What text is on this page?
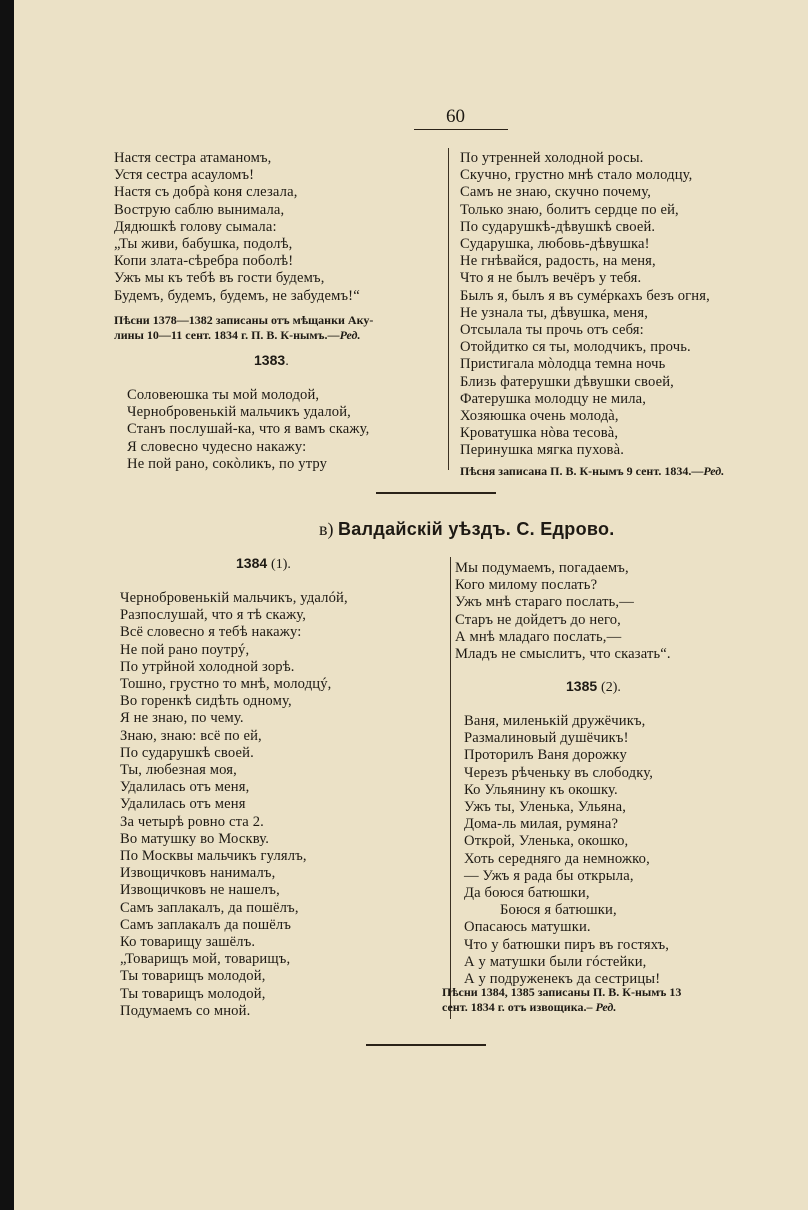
60
Настя сестра атаманомъ,
Устя сестра асауломъ!
Настя съ добрà коня слезала,
Вострую саблю вынимала,
Дядюшкѣ голову сымала:
„Ты живи, бабушка, подолѣ,
Копи злата-сѣребра поболѣ!
Ужъ мы къ тебѣ въ гости будемъ,
Будемъ, будемъ, будемъ, не забудемъ!“
Пѣсни 1378—1382 записаны отъ мѣщанки Аку-
лины 10—11 сент. 1834 г. П. В. К-нымъ.—Ред.
1383.
Соловеюшка ты мой молодой,
Чернобровенькій мальчикъ удалой,
Станъ послушай-ка, что я вамъ скажу,
Я словесно чудесно накажу:
Не пой рано, сокòликъ, по утру
По утренней холодной росы.
Скучно, грустно мнѣ стало молодцу,
Самъ не знаю, скучно почему,
Только знаю, болитъ сердце по ей,
По сударушкѣ-дѣвушкѣ своей.
Сударушка, любовь-дѣвушка!
Не гнѣвайся, радость, на меня,
Что я не былъ вечёръ у тебя.
Былъ я, былъ я въ сумéркахъ безъ огня,
Не узнала ты, дѣвушка, меня,
Отсылала ты прочь отъ себя:
Отойдитко ся ты, молодчикъ, прочь.
Пристигала мòлодца темна ночь
Близь фатерушки дѣвушки своей,
Фатерушка молодцу не мила,
Хозяюшка очень молодà,
Кроватушка нòва тесовà,
Перинушка мягка пуховà.
Пѣсня записана П. В. К-нымъ 9 сент. 1834.—Ред.
в) Валдайскій уѣздъ. С. Едрово.
1384 (1).
Чернобровенькій мальчикъ, удалóй,
Разпослушай, что я тѣ скажу,
Всё словесно я тебѣ накажу:
Не пой рано поутрý,
По утрйной холодной зорѣ.
Тошно, грустно то мнѣ, молодцý,
Во горенкѣ сидѣть одному,
Я не знаю, по чему.
Знаю, знаю: всё по ей,
По сударушкѣ своей.
Ты, любезная моя,
Удалилась отъ меня,
Удалилась отъ меня
За четырѣ ровно ста 2.
Во матушку во Москву.
По Москвы мальчикъ гулялъ,
Извощичковъ нанималъ,
Извощичковъ не нашелъ,
Самъ заплакалъ, да пошёлъ,
Самъ заплакалъ да пошёлъ
Ко товарищу зашёлъ.
„Товарищъ мой, товарищъ,
Ты товарищъ молодой,
Ты товарищъ молодой,
Подумаемъ со мной.
Мы подумаемъ, погадаемъ,
Кого милому послать?
Ужъ мнѣ стараго послать,—
Старъ не дойдетъ до него,
А мнѣ младаго послать,—
Младъ не смыслитъ, что сказать“.
1385 (2).
Ваня, миленькій дружёчикъ,
Размалиновый душёчикъ!
Проторилъ Ваня дорожку
Черезъ рѣченьку въ слободку,
Ко Ульянину къ окошку.
Ужъ ты, Уленька, Ульяна,
Дома-ль милая, румяна?
Открой, Уленька, окошко,
Хоть середняго да немножко,
— Ужъ я рада бы открыла,
Да боюся батюшки,
Боюся я батюшки,
Опасаюсь матушки.
Что у батюшки пиръ въ гостяхъ,
А у матушки были гóстейки,
А у подруженекъ да сестрицы!
Пѣсни 1384, 1385 записаны П. В. К-нымъ 13
сент. 1834 г. отъ извощика.– Ред.
